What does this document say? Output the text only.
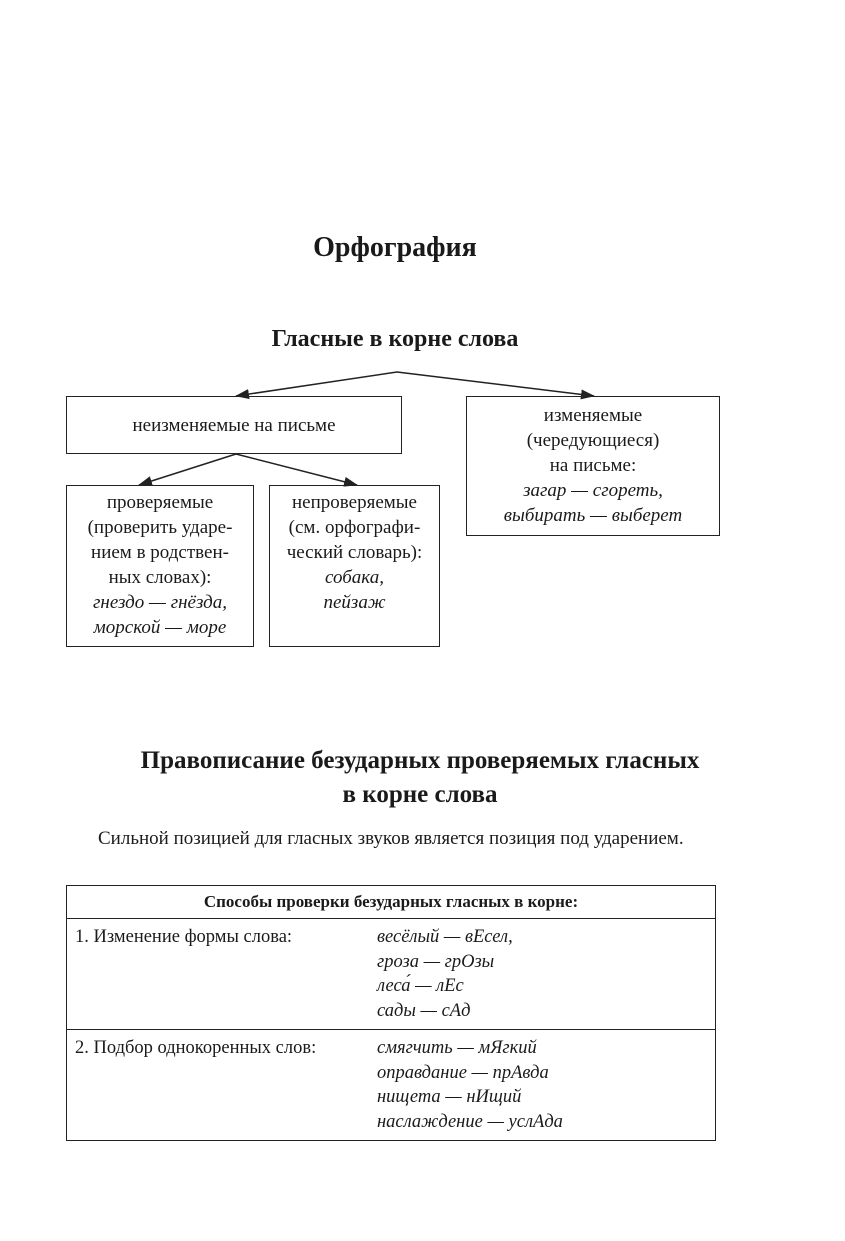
Орфография
Гласные в корне слова
неизменяемые на письме	изменяемые
(чередующиеся)
на письме:
загар — сгореть,
выбирать — выберет
проверяемые
(проверить ударе-
нием в родствен-
ных словах):
гнездо — гнёзда,
морской — море
непроверяемые
(см. орфографи-
ческий словарь):
собака,
пейзаж
Правописание безударных проверяемых гласных
в корне слова
Сильной позицией для гласных звуков является позиция под ударением.
Способы проверки безударных гласных в корне:	
1. Изменение формы слова:	весёлый — вЕсел,
гроза — грОзы
леса́ — лЕс
сады — сАд

2. Подбор однокоренных слов:	смягчить — мЯгкий
оправдание — прАвда
нищета — нИщий
наслаждение — услАда
